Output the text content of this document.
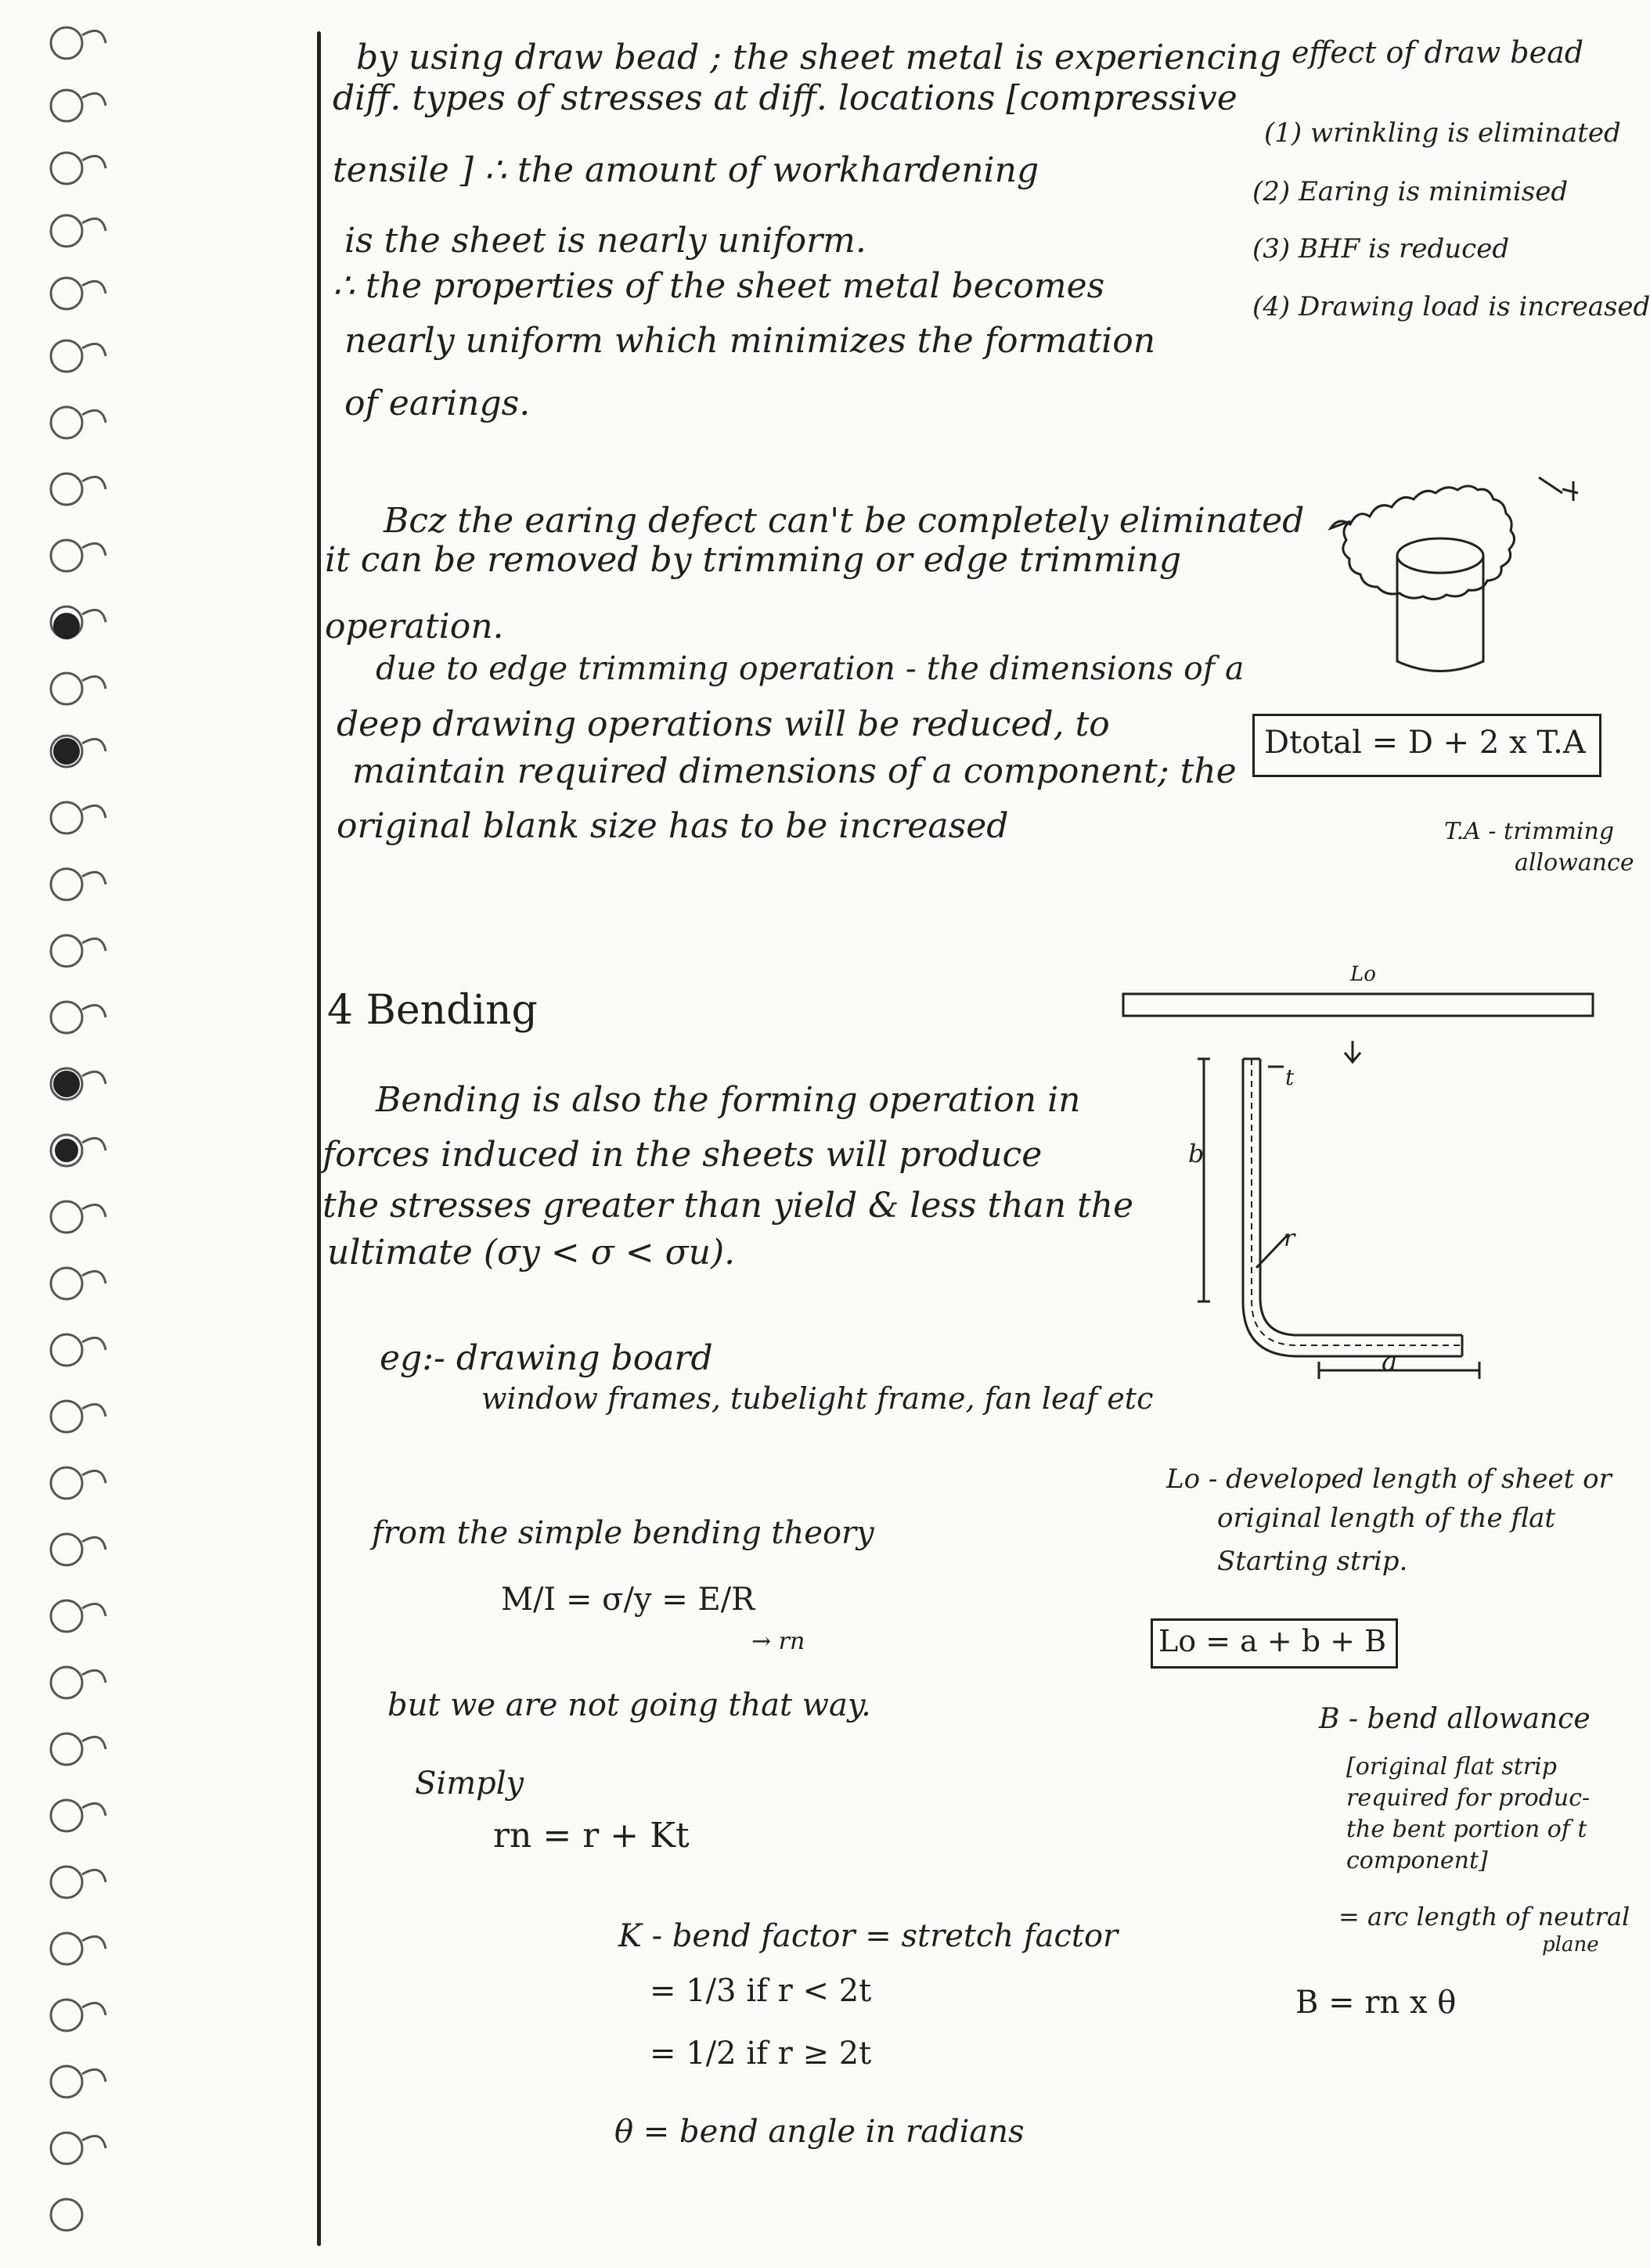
by using draw bead ; the sheet metal is experiencing
diff. types of stresses at diff. locations [compressive
tensile ] ∴ the amount of workhardening
is the sheet is nearly uniform.
∴ the properties of the sheet metal becomes
nearly uniform which minimizes the formation
of earings.
Bcz the earing defect can't be completely eliminated
it can be removed by trimming or edge trimming
operation.
due to edge trimming operation - the dimensions of a
deep drawing operations will be reduced, to
maintain required dimensions of a component; the
original blank size has to be increased
4 Bending
Bending is also the forming operation in
forces induced in the sheets will produce
the stresses greater than yield & less than the
ultimate (σy < σ < σu).
eg:- drawing board
window frames, tubelight frame, fan leaf etc
from the simple bending theory
M/I = σ/y = E/R
→ rn
but we are not going that way.
Simply
rn = r + Kt
K - bend factor = stretch factor
= 1/3 if r < 2t
= 1/2 if r ≥ 2t
θ = bend angle in radians
effect of draw bead
(1) wrinkling is eliminated
(2) Earing is minimised
(3) BHF is reduced
(4) Drawing load is increased
Dtotal = D + 2 x T.A
T.A - trimming
allowance
Lo
b
t
r
a
Lo - developed length of sheet or
original length of the flat
Starting strip.
Lo = a + b + B
B - bend allowance
[original flat strip
required for produc-
the bent portion of t
component]
= arc length of neutral
plane
B = rn x θ
